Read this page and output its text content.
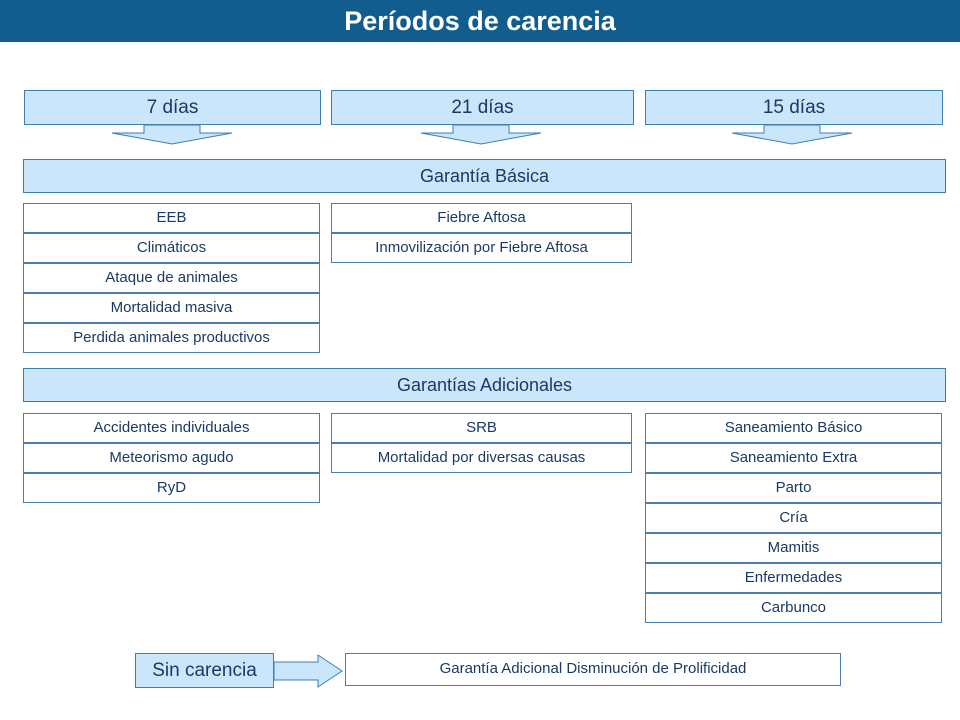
Períodos de carencia
7 días	21 días	15 días
Garantía Básica
EEB
Climáticos
Ataque de animales
Mortalidad masiva
Perdida animales productivos
Fiebre Aftosa
Inmovilización por Fiebre Aftosa
Garantías Adicionales
Accidentes individuales
Meteorismo agudo
RyD
SRB
Mortalidad por diversas causas
Saneamiento Básico
Saneamiento Extra
Parto
Cría
Mamitis
Enfermedades
Carbunco
Sin carencia	Garantía Adicional Disminución de Prolificidad
